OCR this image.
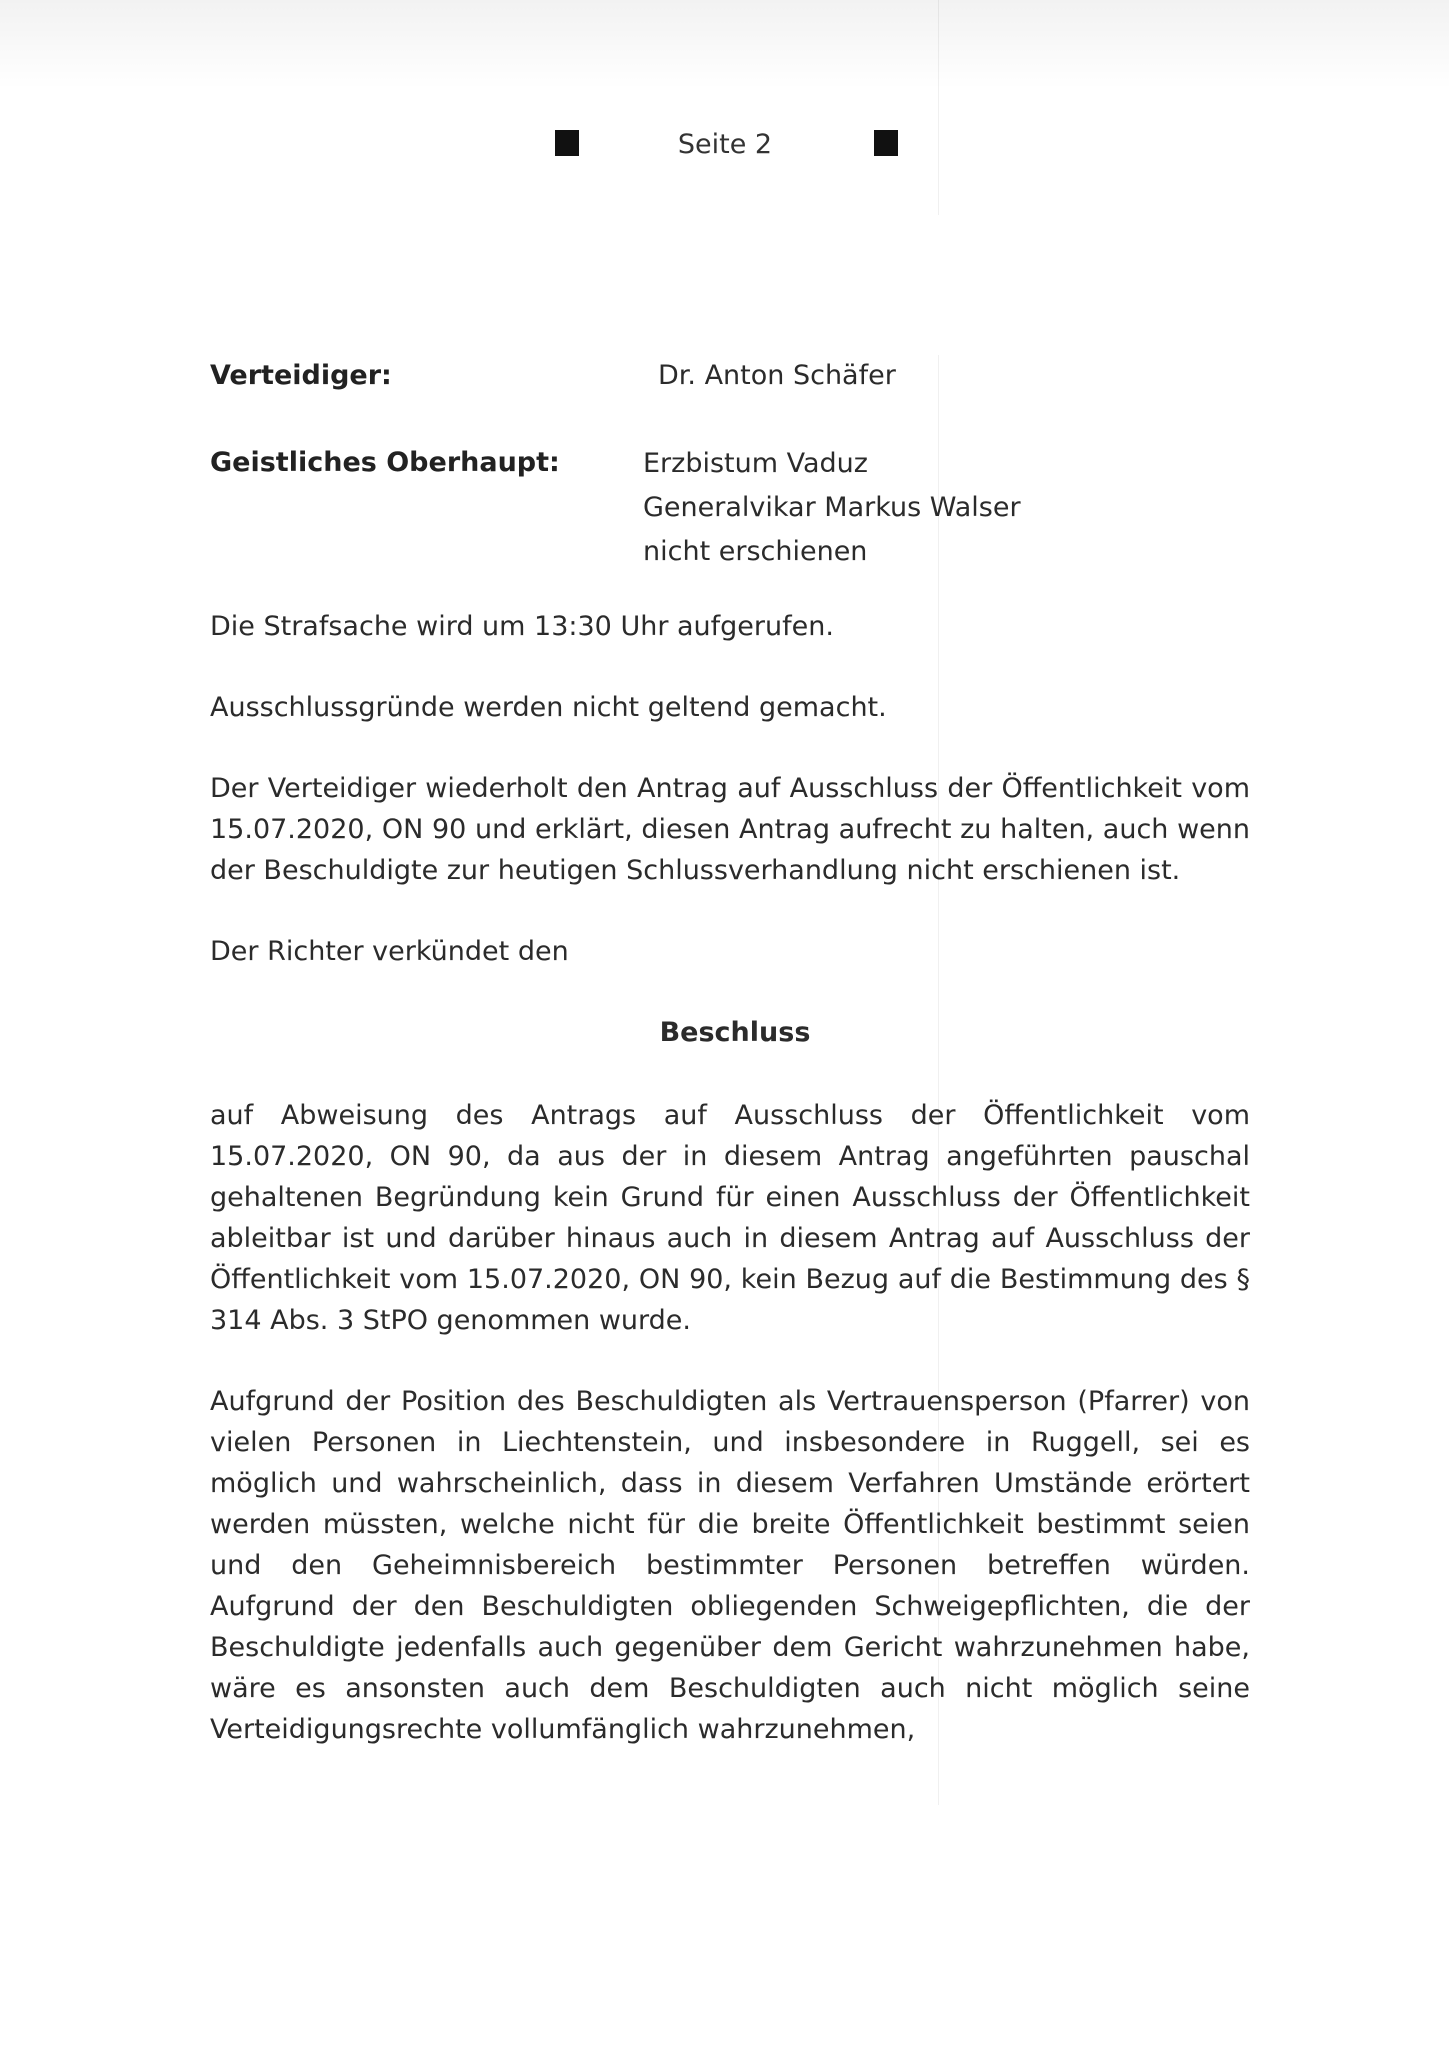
Seite 2
Verteidiger:	Dr. Anton Schäfer
Geistliches Oberhaupt:	Erzbistum Vaduz
Generalvikar Markus Walser
nicht erschienen

Die Strafsache wird um 13:30 Uhr aufgerufen.

Ausschlussgründe werden nicht geltend gemacht.

Der Verteidiger wiederholt den Antrag auf Ausschluss der Öffentlichkeit vom 15.07.2020, ON 90 und erklärt, diesen Antrag aufrecht zu halten, auch wenn der Beschuldigte zur heutigen Schlussverhandlung nicht erschienen ist.

Der Richter verkündet den

Beschluss

auf Abweisung des Antrags auf Ausschluss der Öffentlichkeit vom 15.07.2020, ON 90, da aus der in diesem Antrag angeführten pauschal gehaltenen Begründung kein Grund für einen Ausschluss der Öffentlichkeit ableitbar ist und darüber hinaus auch in diesem Antrag auf Ausschluss der Öffentlichkeit vom 15.07.2020, ON 90, kein Bezug auf die Bestimmung des § 314 Abs. 3 StPO genommen wurde.

Aufgrund der Position des Beschuldigten als Vertrauensperson (Pfarrer) von vielen Personen in Liechtenstein, und insbesondere in Ruggell, sei es möglich und wahrscheinlich, dass in diesem Verfahren Umstände erörtert werden müssten, welche nicht für die breite Öffentlichkeit bestimmt seien und den Geheimnisbereich bestimmter Personen betreffen würden. Aufgrund der den Beschuldigten obliegenden Schweigepflichten, die der Beschuldigte jedenfalls auch gegenüber dem Gericht wahrzunehmen habe, wäre es ansonsten auch dem Beschuldigten auch nicht möglich seine Verteidigungsrechte vollumfänglich wahrzunehmen,
